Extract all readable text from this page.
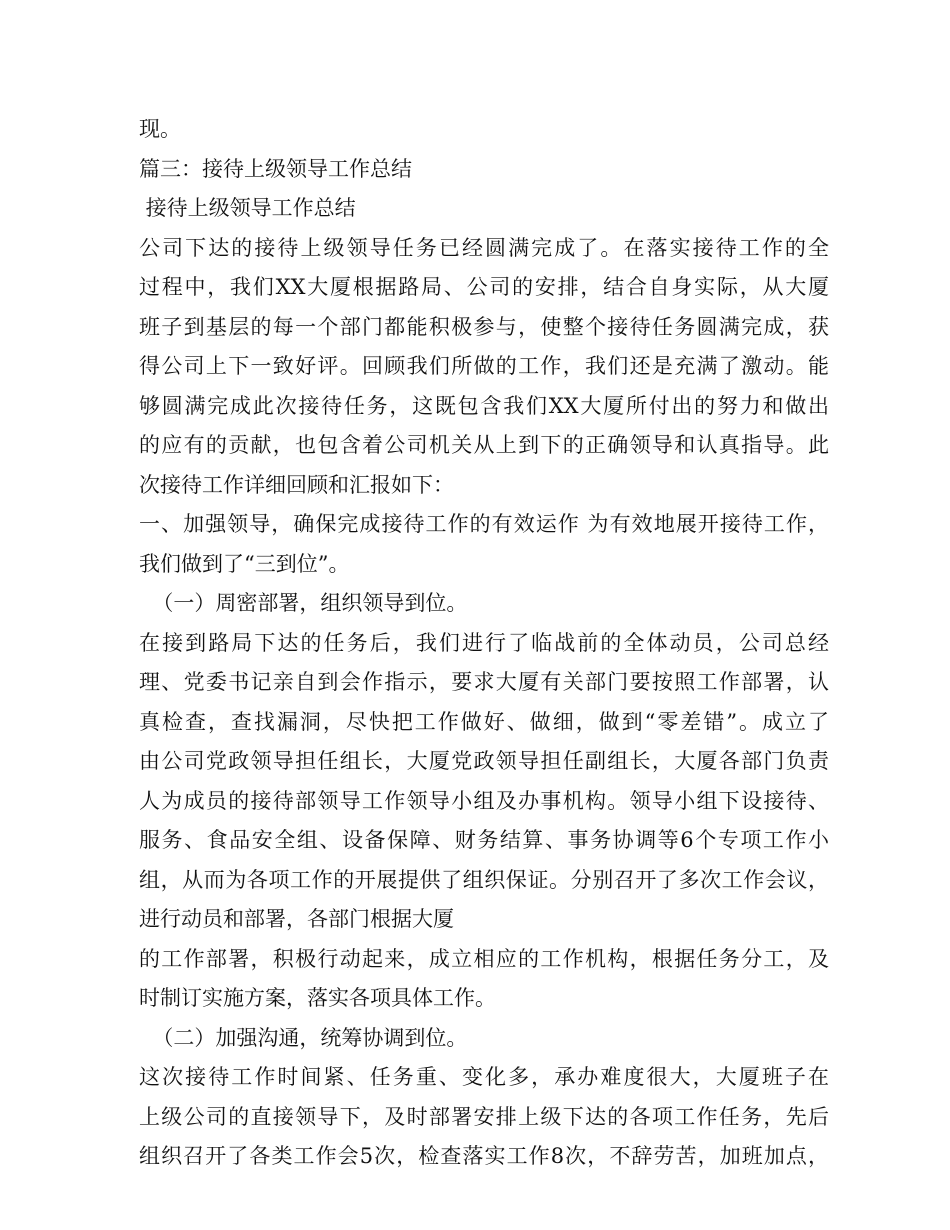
现。
篇三：接待上级领导工作总结
接待上级领导工作总结
公司下达的接待上级领导任务已经圆满完成了。在落实接待工作的全
过程中，我们XX大厦根据路局、公司的安排，结合自身实际，从大厦
班子到基层的每一个部门都能积极参与，使整个接待任务圆满完成，获
得公司上下一致好评。回顾我们所做的工作，我们还是充满了激动。能
够圆满完成此次接待任务，这既包含我们XX大厦所付出的努力和做出
的应有的贡献，也包含着公司机关从上到下的正确领导和认真指导。此
次接待工作详细回顾和汇报如下：
一、加强领导，确保完成接待工作的有效运作 为有效地展开接待工作，
我们做到了“三到位”。
（一）周密部署，组织领导到位。
在接到路局下达的任务后，我们进行了临战前的全体动员，公司总经
理、党委书记亲自到会作指示，要求大厦有关部门要按照工作部署，认
真检查，查找漏洞，尽快把工作做好、做细，做到“零差错”。成立了
由公司党政领导担任组长，大厦党政领导担任副组长，大厦各部门负责
人为成员的接待部领导工作领导小组及办事机构。领导小组下设接待、
服务、食品安全组、设备保障、财务结算、事务协调等6个专项工作小
组，从而为各项工作的开展提供了组织保证。分别召开了多次工作会议，
进行动员和部署，各部门根据大厦
的工作部署，积极行动起来，成立相应的工作机构，根据任务分工，及
时制订实施方案，落实各项具体工作。
（二）加强沟通，统筹协调到位。
这次接待工作时间紧、任务重、变化多，承办难度很大，大厦班子在
上级公司的直接领导下，及时部署安排上级下达的各项工作任务，先后
组织召开了各类工作会5次，检查落实工作8次，不辞劳苦，加班加点，
